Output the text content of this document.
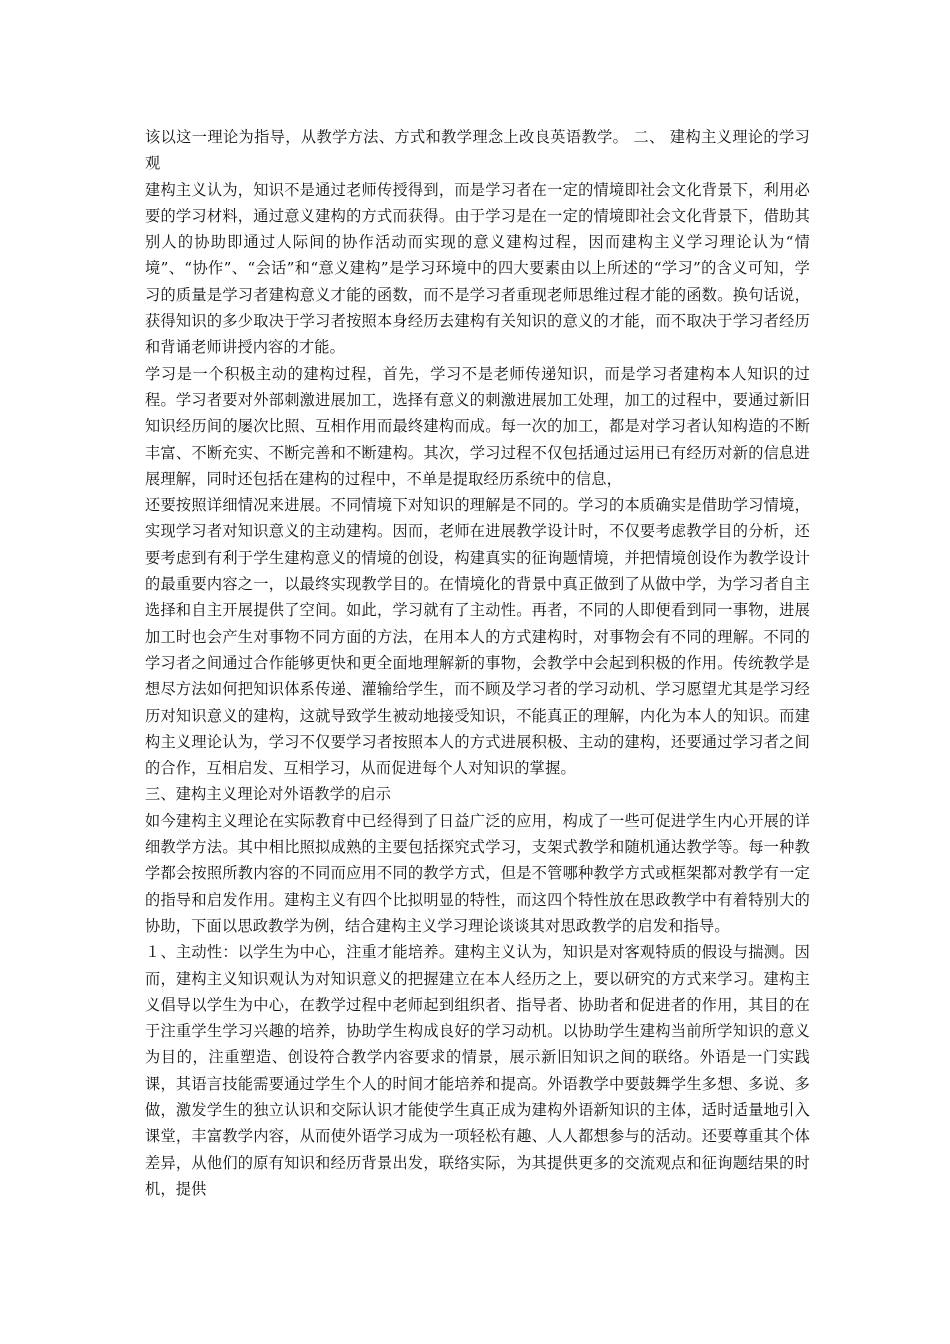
该以这一理论为指导，从教学方法、方式和教学理念上改良英语教学。 二、 建构主义理论的学习观

建构主义认为，知识不是通过老师传授得到，而是学习者在一定的情境即社会文化背景下，利用必要的学习材料，通过意义建构的方式而获得。由于学习是在一定的情境即社会文化背景下，借助其别人的协助即通过人际间的协作活动而实现的意义建构过程，因而建构主义学习理论认为“情境”、“协作”、“会话”和“意义建构”是学习环境中的四大要素由以上所述的“学习”的含义可知，学习的质量是学习者建构意义才能的函数，而不是学习者重现老师思维过程才能的函数。换句话说，获得知识的多少取决于学习者按照本身经历去建构有关知识的意义的才能，而不取决于学习者经历和背诵老师讲授内容的才能。

学习是一个积极主动的建构过程，首先，学习不是老师传递知识，而是学习者建构本人知识的过程。学习者要对外部刺激进展加工，选择有意义的刺激进展加工处理，加工的过程中，要通过新旧知识经历间的屡次比照、互相作用而最终建构而成。每一次的加工，都是对学习者认知构造的不断丰富、不断充实、不断完善和不断建构。其次，学习过程不仅包括通过运用已有经历对新的信息进展理解，同时还包括在建构的过程中，不单是提取经历系统中的信息，

还要按照详细情况来进展。不同情境下对知识的理解是不同的。学习的本质确实是借助学习情境，实现学习者对知识意义的主动建构。因而，老师在进展教学设计时，不仅要考虑教学目的分析，还要考虑到有利于学生建构意义的情境的创设，构建真实的征询题情境，并把情境创设作为教学设计的最重要内容之一，以最终实现教学目的。在情境化的背景中真正做到了从做中学，为学习者自主选择和自主开展提供了空间。如此，学习就有了主动性。再者，不同的人即便看到同一事物，进展加工时也会产生对事物不同方面的方法，在用本人的方式建构时，对事物会有不同的理解。不同的学习者之间通过合作能够更快和更全面地理解新的事物，会教学中会起到积极的作用。传统教学是想尽方法如何把知识体系传递、灌输给学生，而不顾及学习者的学习动机、学习愿望尤其是学习经历对知识意义的建构，这就导致学生被动地接受知识，不能真正的理解，内化为本人的知识。而建构主义理论认为，学习不仅要学习者按照本人的方式进展积极、主动的建构，还要通过学习者之间的合作，互相启发、互相学习，从而促进每个人对知识的掌握。

三、建构主义理论对外语教学的启示

如今建构主义理论在实际教育中已经得到了日益广泛的应用，构成了一些可促进学生内心开展的详细教学方法。其中相比照拟成熟的主要包括探究式学习，支架式教学和随机通达教学等。每一种教学都会按照所教内容的不同而应用不同的教学方式，但是不管哪种教学方式或框架都对教学有一定的指导和启发作用。建构主义有四个比拟明显的特性，而这四个特性放在思政教学中有着特别大的协助，下面以思政教学为例，结合建构主义学习理论谈谈其对思政教学的启发和指导。

１、主动性：以学生为中心，注重才能培养。建构主义认为，知识是对客观特质的假设与揣测。因而，建构主义知识观认为对知识意义的把握建立在本人经历之上，要以研究的方式来学习。建构主义倡导以学生为中心，在教学过程中老师起到组织者、指导者、协助者和促进者的作用，其目的在于注重学生学习兴趣的培养，协助学生构成良好的学习动机。以协助学生建构当前所学知识的意义为目的，注重塑造、创设符合教学内容要求的情景，展示新旧知识之间的联络。外语是一门实践课，其语言技能需要通过学生个人的时间才能培养和提高。外语教学中要鼓舞学生多想、多说、多做，激发学生的独立认识和交际认识才能使学生真正成为建构外语新知识的主体，适时适量地引入课堂，丰富教学内容，从而使外语学习成为一项轻松有趣、人人都想参与的活动。还要尊重其个体差异，从他们的原有知识和经历背景出发，联络实际，为其提供更多的交流观点和征询题结果的时机，提供
